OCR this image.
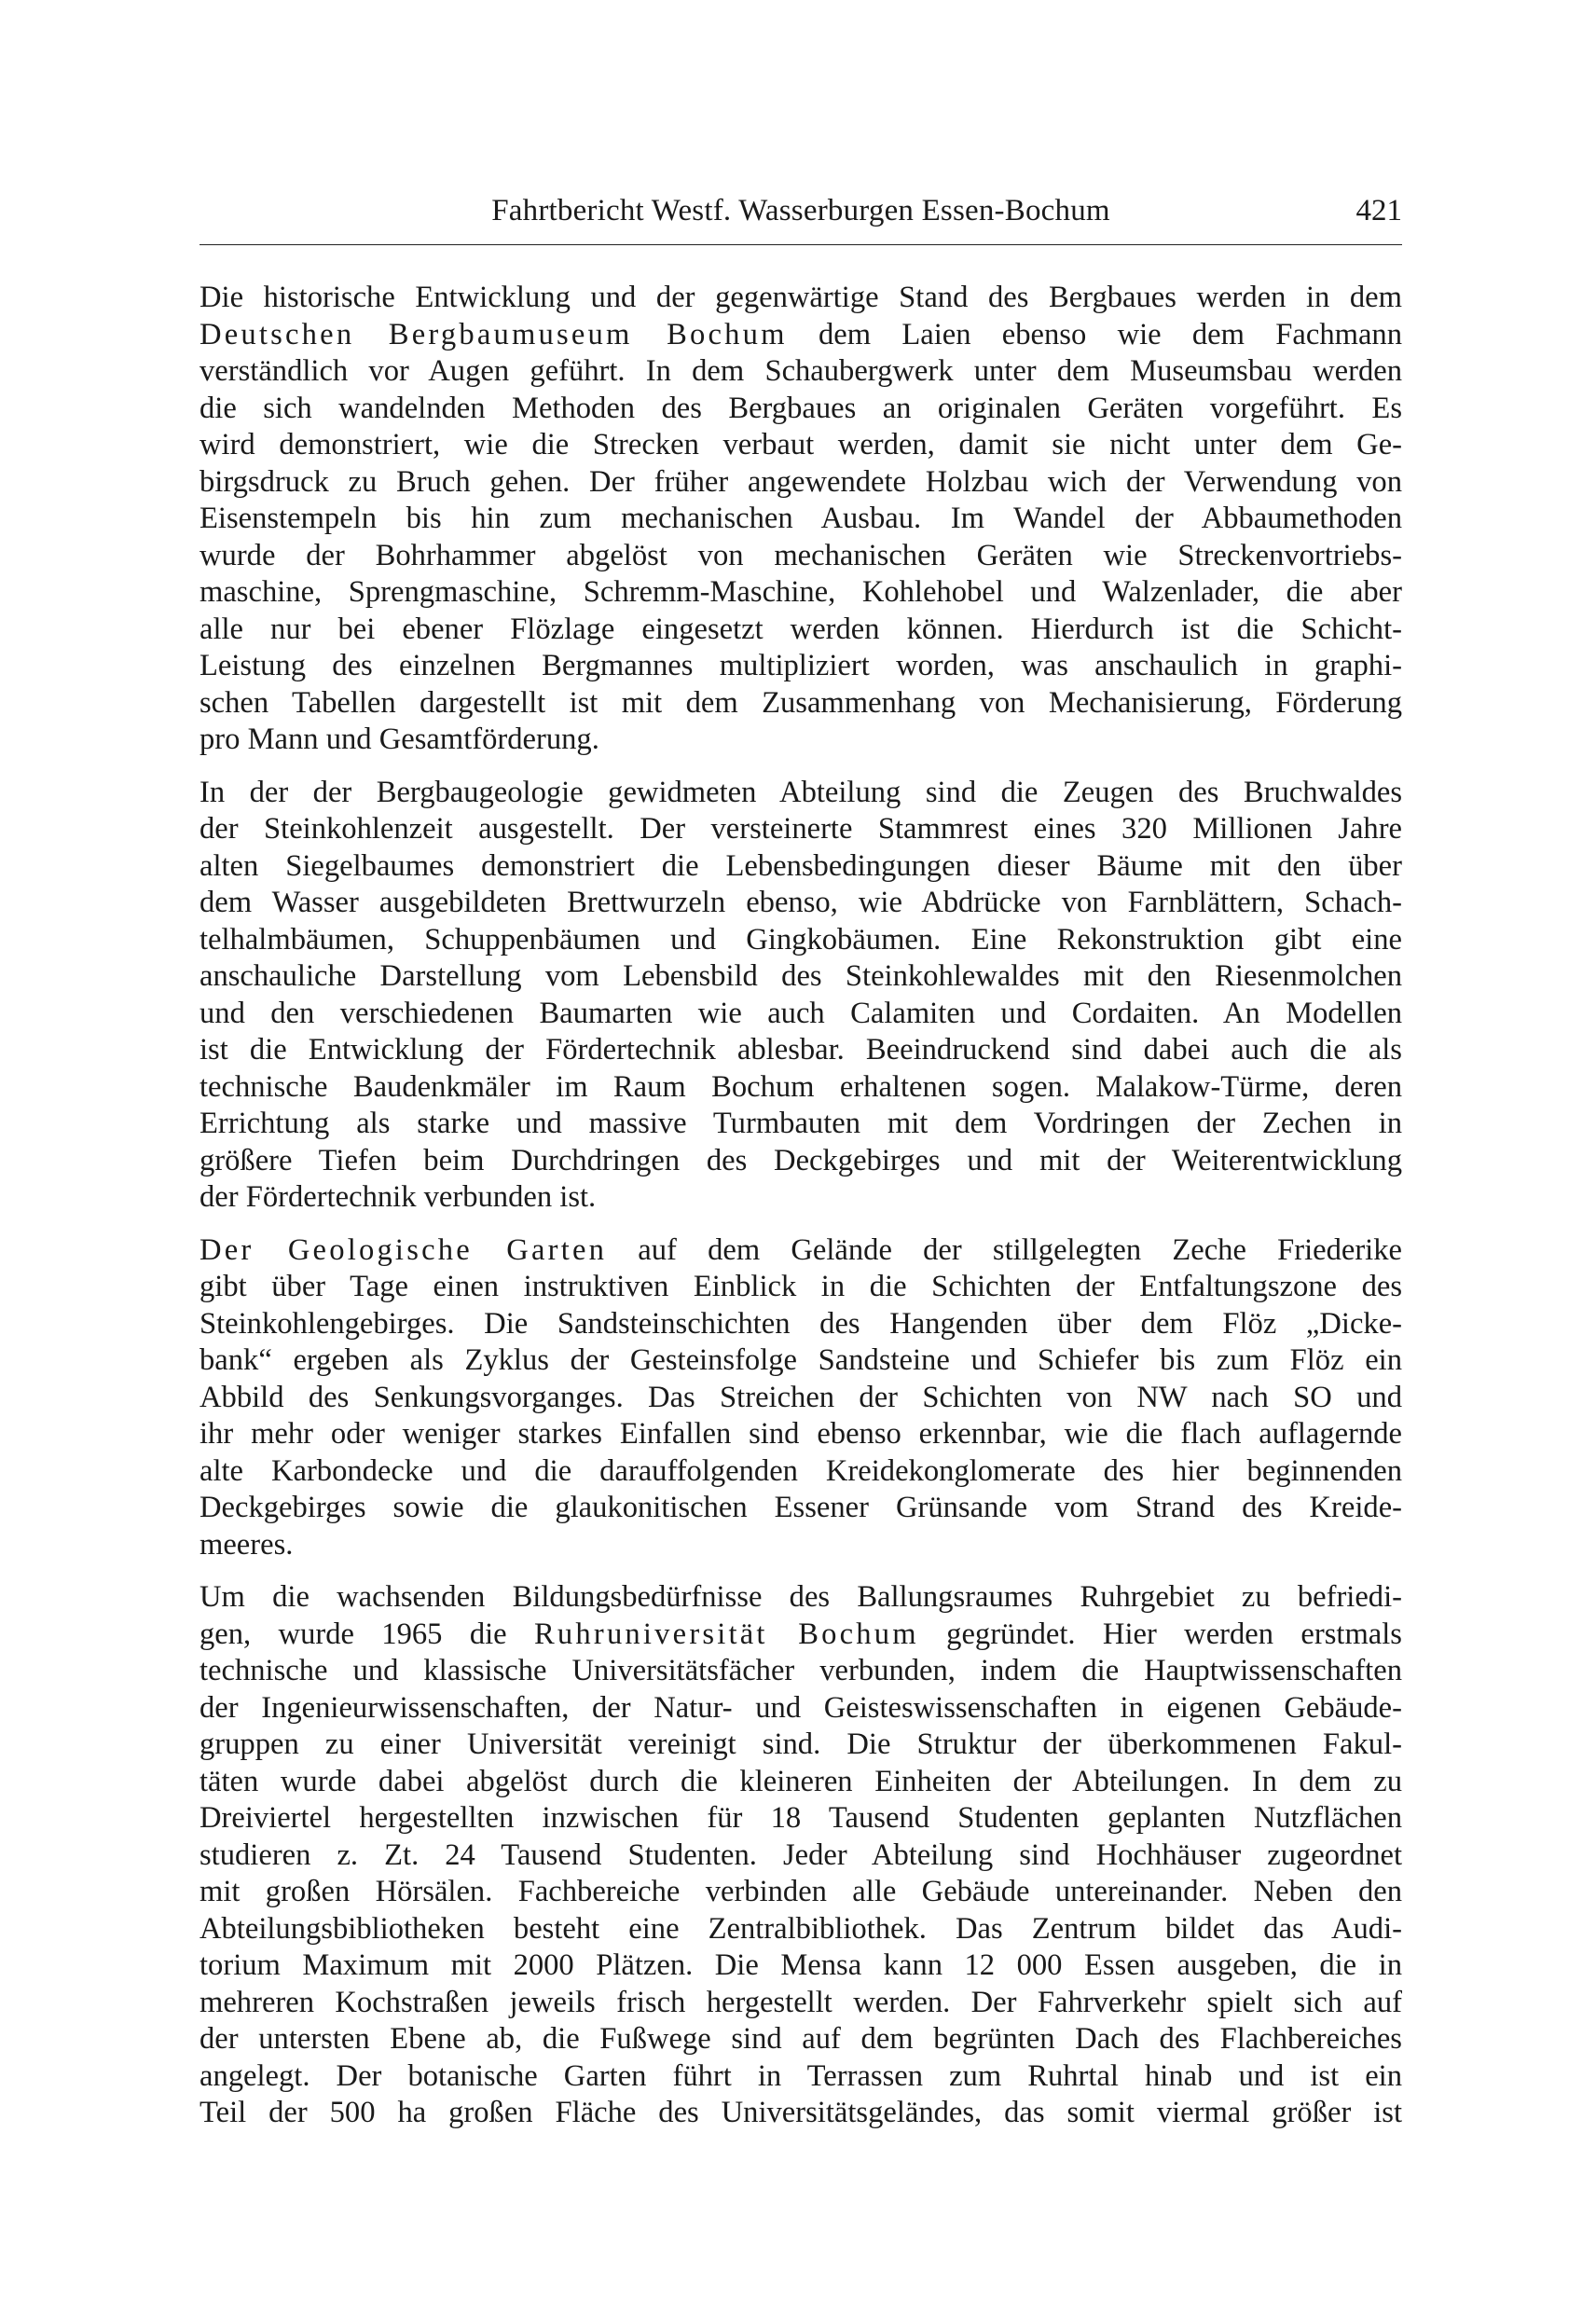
Fahrtbericht Westf. Wasserburgen Essen-Bochum	421
Die historische Entwicklung und der gegenwärtige Stand des Bergbaues werden in dem
Deutschen Bergbaumuseum Bochum dem Laien ebenso wie dem Fachmann
verständlich vor Augen geführt. In dem Schaubergwerk unter dem Museumsbau werden
die sich wandelnden Methoden des Bergbaues an originalen Geräten vorgeführt. Es
wird demonstriert, wie die Strecken verbaut werden, damit sie nicht unter dem Ge-
birgsdruck zu Bruch gehen. Der früher angewendete Holzbau wich der Verwendung von
Eisenstempeln bis hin zum mechanischen Ausbau. Im Wandel der Abbaumethoden
wurde der Bohrhammer abgelöst von mechanischen Geräten wie Streckenvortriebs-
maschine, Sprengmaschine, Schremm-Maschine, Kohlehobel und Walzenlader, die aber
alle nur bei ebener Flözlage eingesetzt werden können. Hierdurch ist die Schicht-
Leistung des einzelnen Bergmannes multipliziert worden, was anschaulich in graphi-
schen Tabellen dargestellt ist mit dem Zusammenhang von Mechanisierung, Förderung
pro Mann und Gesamtförderung.
In der der Bergbaugeologie gewidmeten Abteilung sind die Zeugen des Bruchwaldes
der Steinkohlenzeit ausgestellt. Der versteinerte Stammrest eines 320 Millionen Jahre
alten Siegelbaumes demonstriert die Lebensbedingungen dieser Bäume mit den über
dem Wasser ausgebildeten Brettwurzeln ebenso, wie Abdrücke von Farnblättern, Schach-
telhalmbäumen, Schuppenbäumen und Gingkobäumen. Eine Rekonstruktion gibt eine
anschauliche Darstellung vom Lebensbild des Steinkohlewaldes mit den Riesenmolchen
und den verschiedenen Baumarten wie auch Calamiten und Cordaiten. An Modellen
ist die Entwicklung der Fördertechnik ablesbar. Beeindruckend sind dabei auch die als
technische Baudenkmäler im Raum Bochum erhaltenen sogen. Malakow-Türme, deren
Errichtung als starke und massive Turmbauten mit dem Vordringen der Zechen in
größere Tiefen beim Durchdringen des Deckgebirges und mit der Weiterentwicklung
der Fördertechnik verbunden ist.
Der Geologische Garten auf dem Gelände der stillgelegten Zeche Friederike
gibt über Tage einen instruktiven Einblick in die Schichten der Entfaltungszone des
Steinkohlengebirges. Die Sandsteinschichten des Hangenden über dem Flöz „Dicke-
bank“ ergeben als Zyklus der Gesteinsfolge Sandsteine und Schiefer bis zum Flöz ein
Abbild des Senkungsvorganges. Das Streichen der Schichten von NW nach SO und
ihr mehr oder weniger starkes Einfallen sind ebenso erkennbar, wie die flach auflagernde
alte Karbondecke und die darauffolgenden Kreidekonglomerate des hier beginnenden
Deckgebirges sowie die glaukonitischen Essener Grünsande vom Strand des Kreide-
meeres.
Um die wachsenden Bildungsbedürfnisse des Ballungsraumes Ruhrgebiet zu befriedi-
gen, wurde 1965 die Ruhruniversität Bochum gegründet. Hier werden erstmals
technische und klassische Universitätsfächer verbunden, indem die Hauptwissenschaften
der Ingenieurwissenschaften, der Natur- und Geisteswissenschaften in eigenen Gebäude-
gruppen zu einer Universität vereinigt sind. Die Struktur der überkommenen Fakul-
täten wurde dabei abgelöst durch die kleineren Einheiten der Abteilungen. In dem zu
Dreiviertel hergestellten inzwischen für 18 Tausend Studenten geplanten Nutzflächen
studieren z. Zt. 24 Tausend Studenten. Jeder Abteilung sind Hochhäuser zugeordnet
mit großen Hörsälen. Fachbereiche verbinden alle Gebäude untereinander. Neben den
Abteilungsbibliotheken besteht eine Zentralbibliothek. Das Zentrum bildet das Audi-
torium Maximum mit 2000 Plätzen. Die Mensa kann 12 000 Essen ausgeben, die in
mehreren Kochstraßen jeweils frisch hergestellt werden. Der Fahrverkehr spielt sich auf
der untersten Ebene ab, die Fußwege sind auf dem begrünten Dach des Flachbereiches
angelegt. Der botanische Garten führt in Terrassen zum Ruhrtal hinab und ist ein
Teil der 500 ha großen Fläche des Universitätsgeländes, das somit viermal größer ist
